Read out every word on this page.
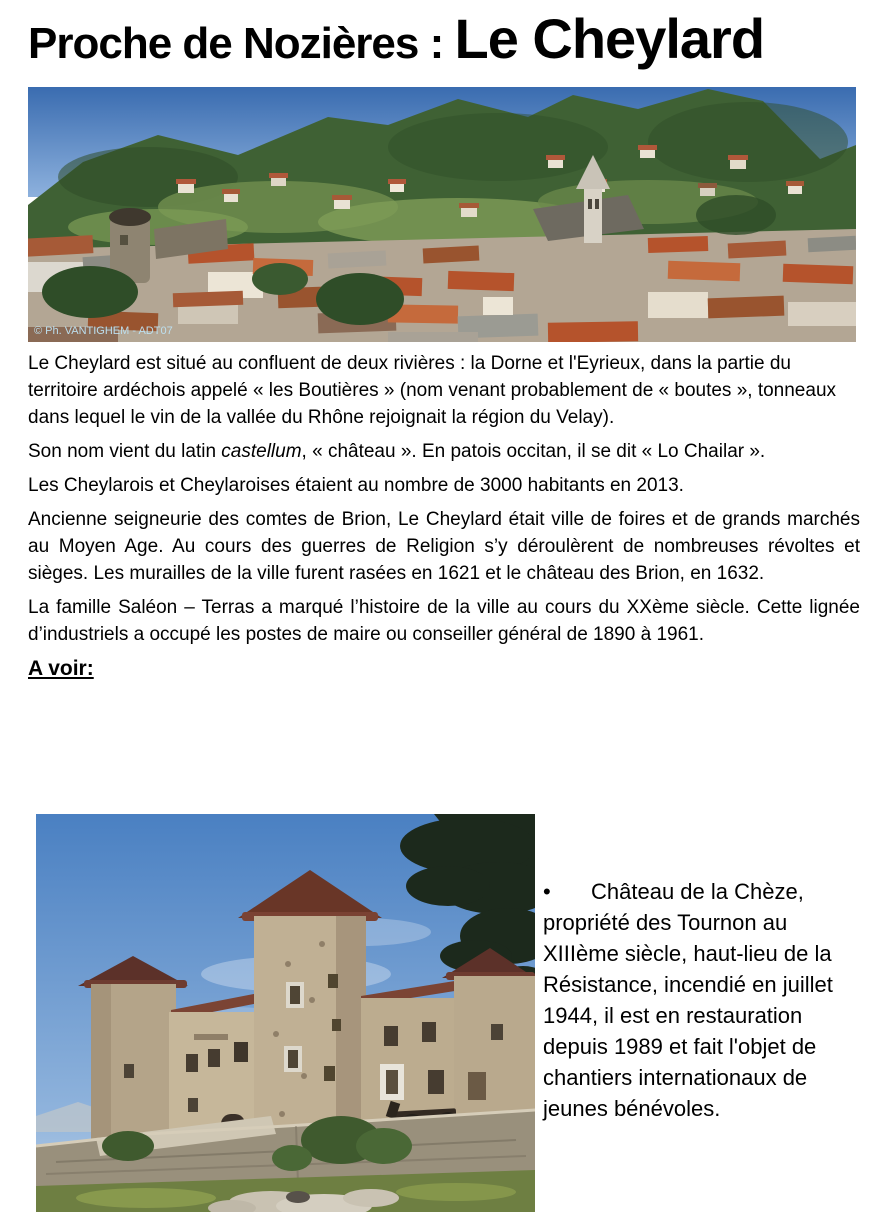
Proche de Nozières : Le Cheylard
© Ph. VANTIGHEM - ADT07

Le Cheylard est situé au confluent de deux rivières : la Dorne et l'Eyrieux, dans la partie du territoire ardéchois appelé « les Boutières » (nom venant probablement de « boutes », tonneaux dans lequel le vin de la vallée du Rhône rejoignait la région du Velay).

Son nom vient du latin castellum, « château ». En patois occitan, il se dit « Lo Chailar ».

Les Cheylarois et Cheylaroises étaient au nombre de 3000 habitants en 2013.

Ancienne seigneurie des comtes de Brion, Le Cheylard était ville de foires et de grands marchés au Moyen Age. Au cours des guerres de Religion s’y déroulèrent de nombreuses révoltes et sièges. Les murailles de la ville furent rasées en 1621 et le château des Brion, en 1632.

La famille Saléon – Terras a marqué l’histoire de la ville au cours du XXème siècle. Cette lignée d’industriels a occupé les postes de maire ou conseiller général de 1890 à 1961.

A voir:
• Château de la Chèze,
propriété des Tournon au
XIIIème siècle, haut-lieu de la
Résistance, incendié en juillet
1944, il est en restauration
depuis 1989 et fait l'objet de
chantiers internationaux de
jeunes bénévoles.
